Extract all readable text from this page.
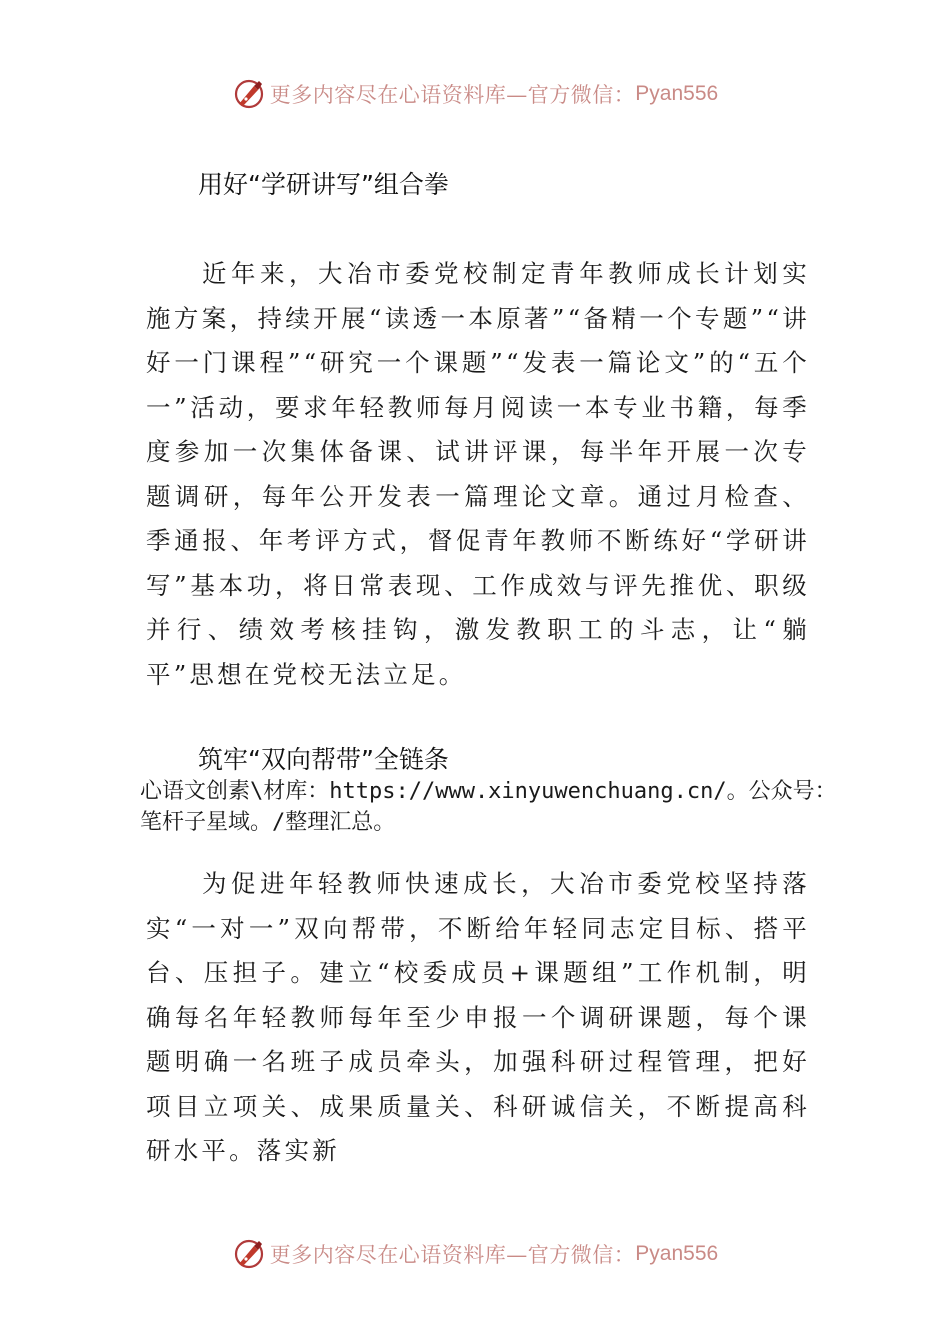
更多内容尽在心语资料库—官方微信： Pyan556
用好“学研讲写”组合拳

近年来，大冶市委党校制定青年教师成长计划实施方案，持续开展“读透一本原著”“备精一个专题”“讲好一门课程”“研究一个课题”“发表一篇论文”的“五个一”活动，要求年轻教师每月阅读一本专业书籍，每季度参加一次集体备课、试讲评课，每半年开展一次专题调研，每年公开发表一篇理论文章。通过月检查、季通报、年考评方式，督促青年教师不断练好“学研讲写”基本功，将日常表现、工作成效与评先推优、职级并行、绩效考核挂钩，激发教职工的斗志，让“躺平”思想在党校无法立足。

筑牢“双向帮带”全链条

心语文创素\材库：https://www.xinyuwenchuang.cn/。公众号：笔杆子星域。/整理汇总。

为促进年轻教师快速成长，大冶市委党校坚持落实“一对一”双向帮带，不断给年轻同志定目标、搭平台、压担子。建立“校委成员+课题组”工作机制，明确每名年轻教师每年至少申报一个调研课题，每个课题明确一名班子成员牵头，加强科研过程管理，把好项目立项关、成果质量关、科研诚信关，不断提高科研水平。落实新

更多内容尽在心语资料库—官方微信： Pyan556
